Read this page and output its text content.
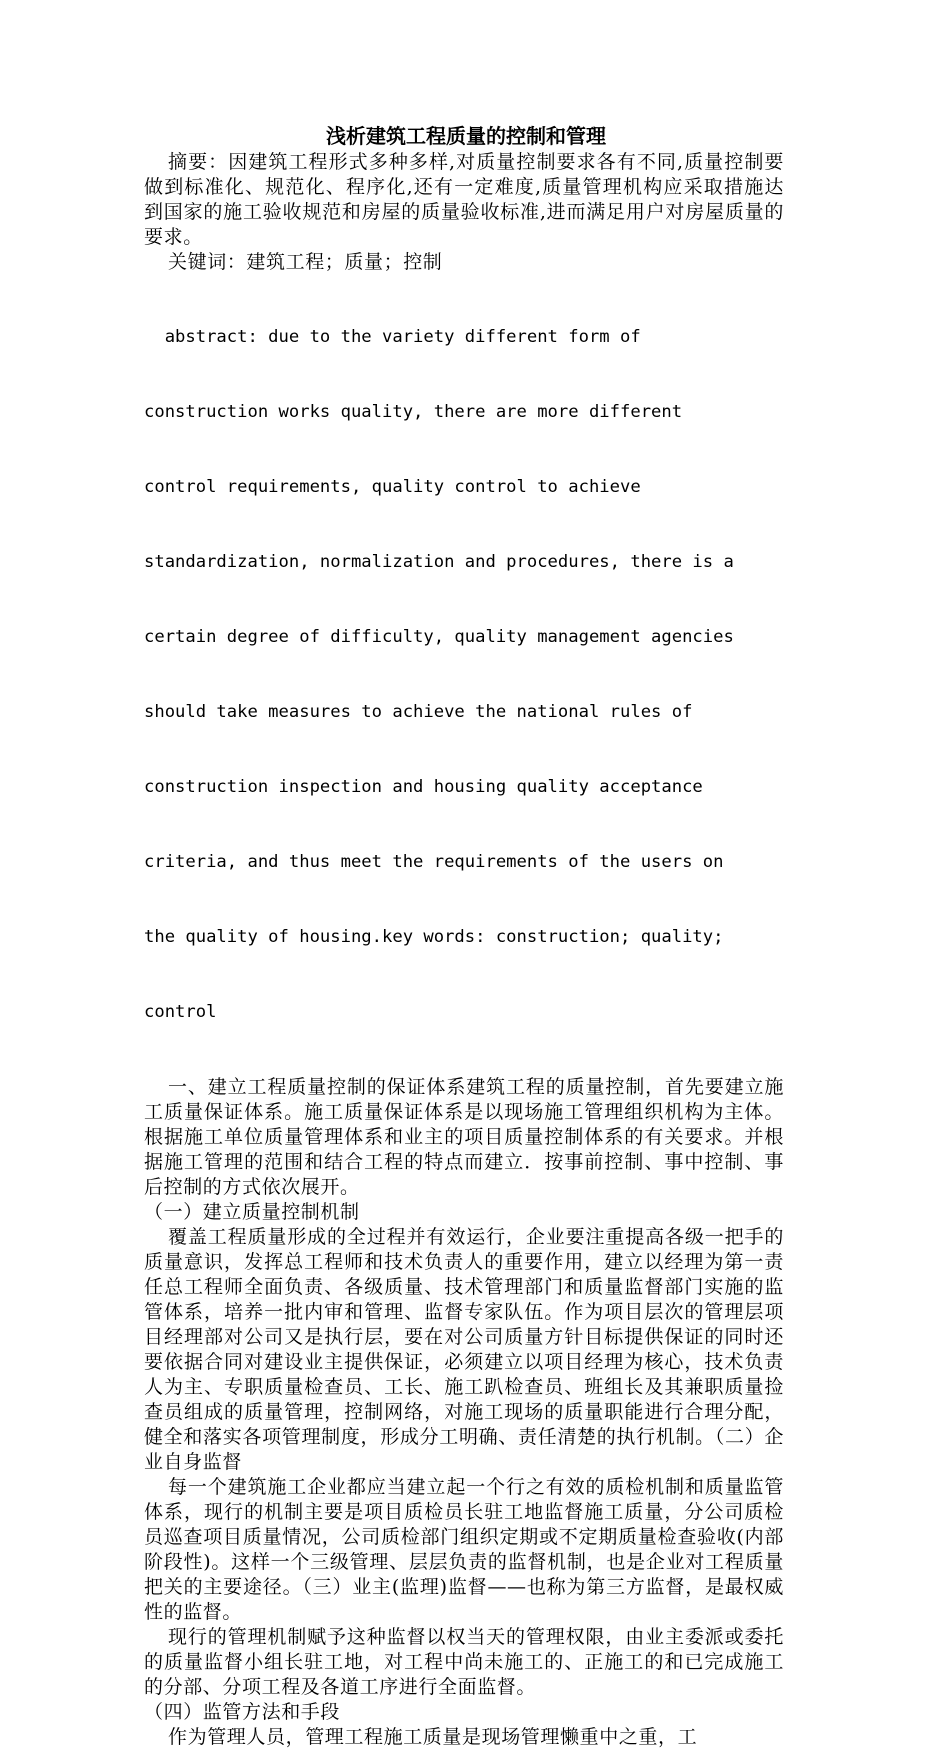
浅析建筑工程质量的控制和管理
摘要：因建筑工程形式多种多样,对质量控制要求各有不同,质量控制要做到标准化、规范化、程序化,还有一定难度,质量管理机构应采取措施达到国家的施工验收规范和房屋的质量验收标准,进而满足用户对房屋质量的要求。
关键词：建筑工程；质量；控制

abstract: due to the variety different form of

construction works quality, there are more different

control requirements, quality control to achieve

standardization, normalization and procedures, there is a

certain degree of difficulty, quality management agencies

should take measures to achieve the national rules of

construction inspection and housing quality acceptance

criteria, and thus meet the requirements of the users on

the quality of housing.key words: construction; quality;

control

一、建立工程质量控制的保证体系建筑工程的质量控制，首先要建立施工质量保证体系。施工质量保证体系是以现场施工管理组织机构为主体。根据施工单位质量管理体系和业主的项目质量控制体系的有关要求。并根据施工管理的范围和结合工程的特点而建立．按事前控制、事中控制、事后控制的方式依次展开。
（一）建立质量控制机制
覆盖工程质量形成的全过程并有效运行，企业要注重提高各级一把手的质量意识，发挥总工程师和技术负责人的重要作用，建立以经理为第一责任总工程师全面负责、各级质量、技术管理部门和质量监督部门实施的监管体系，培养一批内审和管理、监督专家队伍。作为项目层次的管理层项目经理部对公司又是执行层，要在对公司质量方针目标提供保证的同时还要依据合同对建设业主提供保证，必须建立以项目经理为核心，技术负责人为主、专职质量检查员、工长、施工趴检查员、班组长及其兼职质量捡查员组成的质量管理，控制网络，对施工现场的质量职能进行合理分配，健全和落实各项管理制度，形成分工明确、责任清楚的执行机制。（二）企业自身监督
每一个建筑施工企业都应当建立起一个行之有效的质检机制和质量监管体系，现行的机制主要是项目质检员长驻工地监督施工质量，分公司质检员巡查项目质量情况，公司质检部门组织定期或不定期质量检查验收(内部阶段性)。这样一个三级管理、层层负责的监督机制，也是企业对工程质量把关的主要途径。（三）业主(监理)监督——也称为第三方监督，是最权威性的监督。
现行的管理机制赋予这种监督以权当天的管理权限，由业主委派或委托的质量监督小组长驻工地，对工程中尚未施工的、正施工的和已完成施工的分部、分项工程及各道工序进行全面监督。
（四）监管方法和手段
作为管理人员，管理工程施工质量是现场管理懒重中之重，工
